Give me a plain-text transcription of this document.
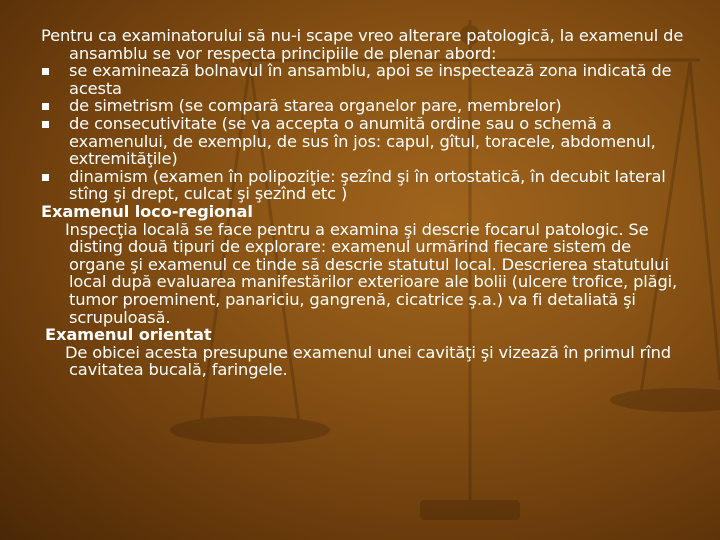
Pentru ca examinatorului să nu-i scape vreo alterare patologică, la examenul de ansamblu se vor respecta principiile de plenar abord:

se examinează bolnavul în ansamblu, apoi se inspectează zona indicată de acesta
de simetrism (se compară starea organelor pare, membrelor)
de consecutivitate (se va accepta o anumită ordine sau o schemă a examenului, de exemplu, de sus în jos: capul, gîtul, toracele, abdomenul, extremităţile)
dinamism (examen în polipoziţie: şezînd şi în ortostatică, în decubit lateral stîng şi drept, culcat şi şezînd etc )

Examenul loco-regional

Inspecţia locală se face pentru a examina şi descrie focarul patologic. Se disting două tipuri de explorare: examenul urmărind fiecare sistem de organe şi examenul ce tinde să descrie statutul local. Descrierea statutului local după evaluarea manifestărilor exterioare ale bolii (ulcere trofice, plăgi, tumor proeminent, panariciu, gangrenă, cicatrice ş.a.) va fi detaliată şi scrupuloasă.

Examenul orientat

De obicei acesta presupune examenul unei cavităţi şi vizează în primul rînd cavitatea bucală, faringele.
